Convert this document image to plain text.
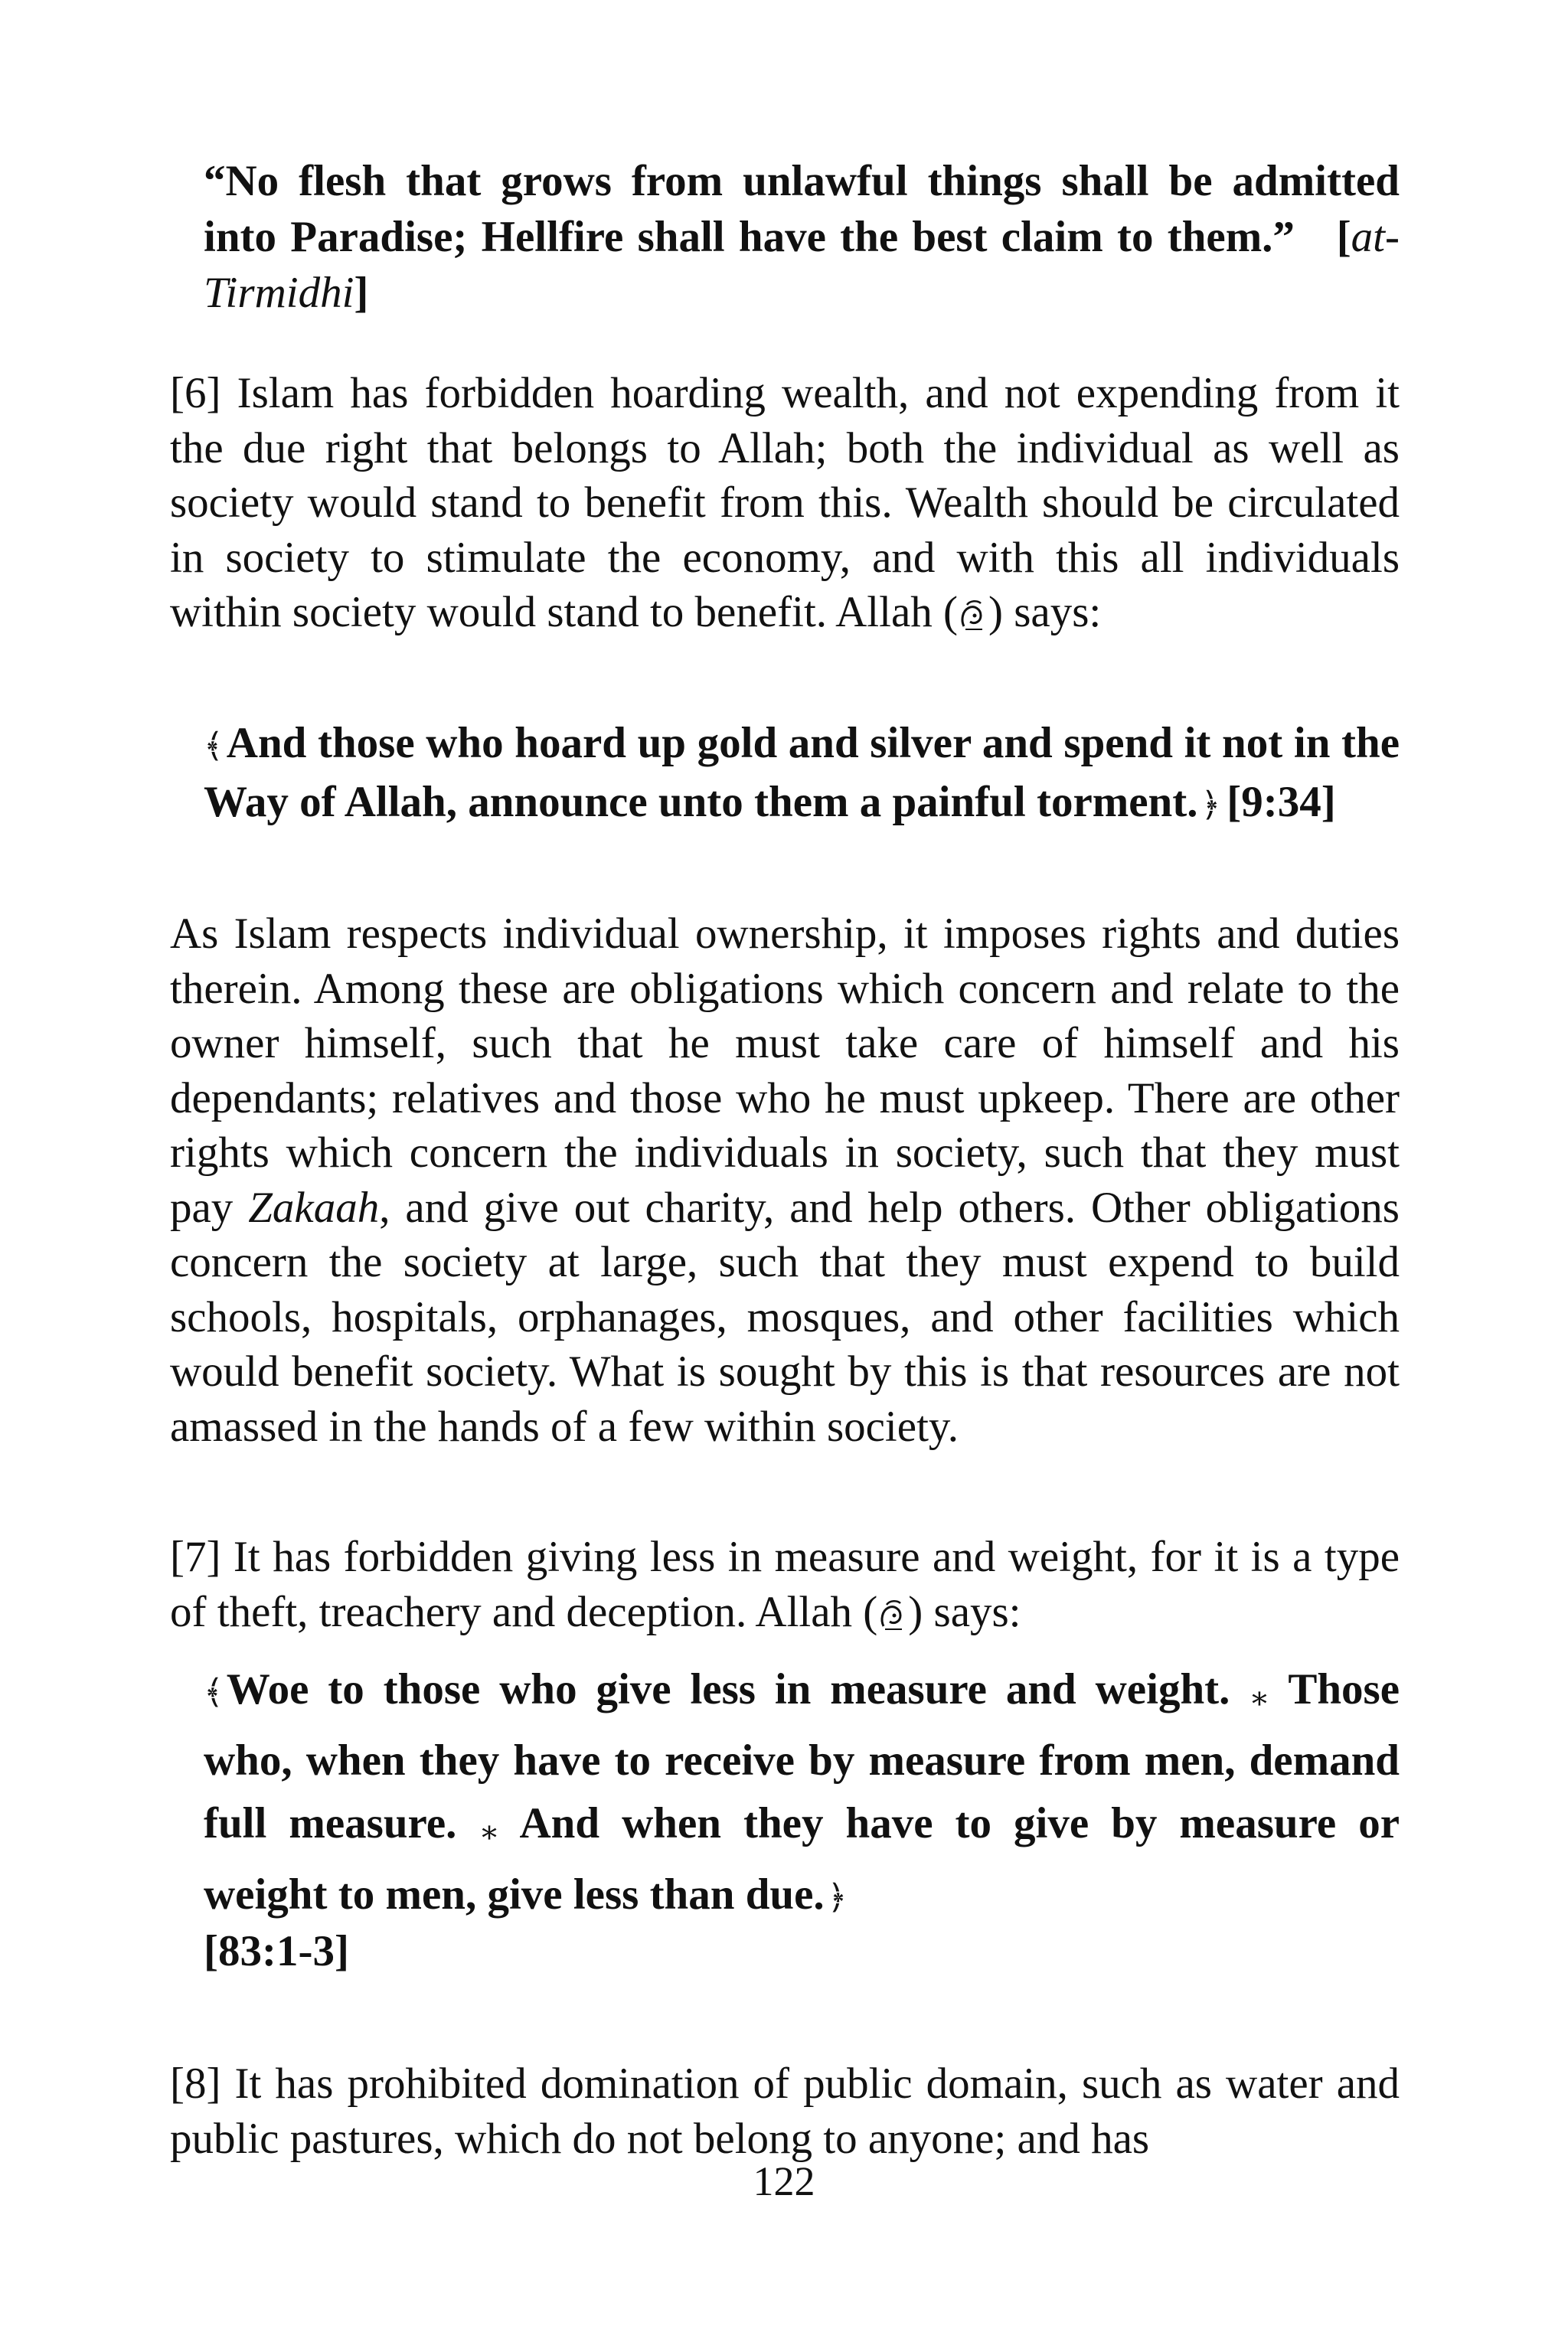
“No flesh that grows from unlawful things shall be admitted into Paradise; Hellfire shall have the best claim to them.” [at-Tirmidhi]
[6] Islam has forbidden hoarding wealth, and not expending from it the due right that belongs to Allah; both the individual as well as society would stand to benefit from this. Wealth should be circulated in society to stimulate the economy, and with this all individuals within society would stand to benefit. Allah ( ) says:
﴾And those who hoard up gold and silver and spend it not in the Way of Allah, announce unto them a painful torment.﴿ [9:34]
As Islam respects individual ownership, it imposes rights and duties therein. Among these are obligations which concern and relate to the owner himself, such that he must take care of himself and his dependants; relatives and those who he must upkeep. There are other rights which concern the individuals in society, such that they must pay Zakaah, and give out charity, and help others. Other obligations concern the society at large, such that they must expend to build schools, hospitals, orphanages, mosques, and other facilities which would benefit society. What is sought by this is that resources are not amassed in the hands of a few within society.
[7] It has forbidden giving less in measure and weight, for it is a type of theft, treachery and deception. Allah ( ) says:
﴾Woe to those who give less in measure and weight. ∗ Those who, when they have to receive by measure from men, demand full measure. ∗ And when they have to give by measure or weight to men, give less than due.﴿
[83:1-3]
[8] It has prohibited domination of public domain, such as water and public pastures, which do not belong to anyone; and has
122
